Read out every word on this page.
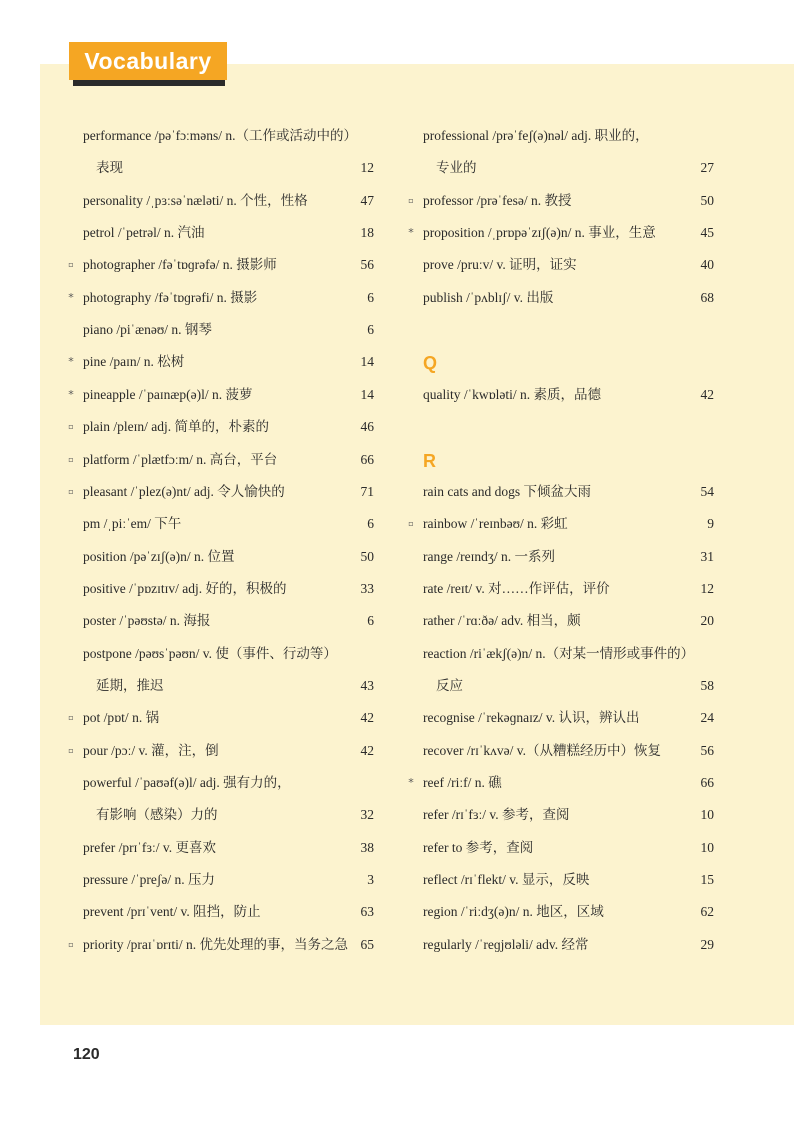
Vocabulary
performance /pəˈfɔːməns/ n.（工作或活动中的）
表现	12
personality /ˌpɜːsəˈnæləti/ n. 个性，性格	47
petrol /ˈpetrəl/ n. 汽油	18
▫ photographer /fəˈtɒɡrəfə/ n. 摄影师	56
* photography /fəˈtɒɡrəfi/ n. 摄影	6
piano /piˈænəʊ/ n. 钢琴	6
* pine /paɪn/ n. 松树	14
* pineapple /ˈpaɪnæp(ə)l/ n. 菠萝	14
▫ plain /pleɪn/ adj. 简单的，朴素的	46
▫ platform /ˈplætfɔːm/ n. 高台，平台	66
▫ pleasant /ˈplez(ə)nt/ adj. 令人愉快的	71
pm /ˌpiːˈem/ 下午	6
position /pəˈzɪʃ(ə)n/ n. 位置	50
positive /ˈpɒzɪtɪv/ adj. 好的，积极的	33
poster /ˈpəʊstə/ n. 海报	6
postpone /pəʊsˈpəʊn/ v. 使（事件、行动等）
延期，推迟	43
▫ pot /pɒt/ n. 锅	42
▫ pour /pɔː/ v. 灌，注，倒	42
powerful /ˈpaʊəf(ə)l/ adj. 强有力的，
有影响（感染）力的	32
prefer /prɪˈfɜː/ v. 更喜欢	38
pressure /ˈpreʃə/ n. 压力	3
prevent /prɪˈvent/ v. 阻挡，防止	63
▫ priority /praɪˈɒrɪti/ n. 优先处理的事，当务之急 65
professional /prəˈfeʃ(ə)nəl/ adj. 职业的，
专业的	27
▫ professor /prəˈfesə/ n. 教授	50
* proposition /ˌprɒpəˈzɪʃ(ə)n/ n. 事业，生意	45
prove /pruːv/ v. 证明，证实	40
publish /ˈpʌblɪʃ/ v. 出版	68
Q
quality /ˈkwɒləti/ n. 素质，品德	42
R
rain cats and dogs 下倾盆大雨	54
▫ rainbow /ˈreɪnbəʊ/ n. 彩虹	9
range /reɪndʒ/ n. 一系列	31
rate /reɪt/ v. 对……作评估，评价	12
rather /ˈrɑːðə/ adv. 相当，颇	20
reaction /riˈækʃ(ə)n/ n.（对某一情形或事件的）
反应	58
recognise /ˈrekəɡnaɪz/ v. 认识，辨认出	24
recover /rɪˈkʌvə/ v.（从糟糕经历中）恢复	56
* reef /riːf/ n. 礁	66
refer /rɪˈfɜː/ v. 参考，查阅	10
refer to 参考，查阅	10
reflect /rɪˈflekt/ v. 显示，反映	15
region /ˈriːdʒ(ə)n/ n. 地区，区域	62
regularly /ˈreɡjʊləli/ adv. 经常	29
120
